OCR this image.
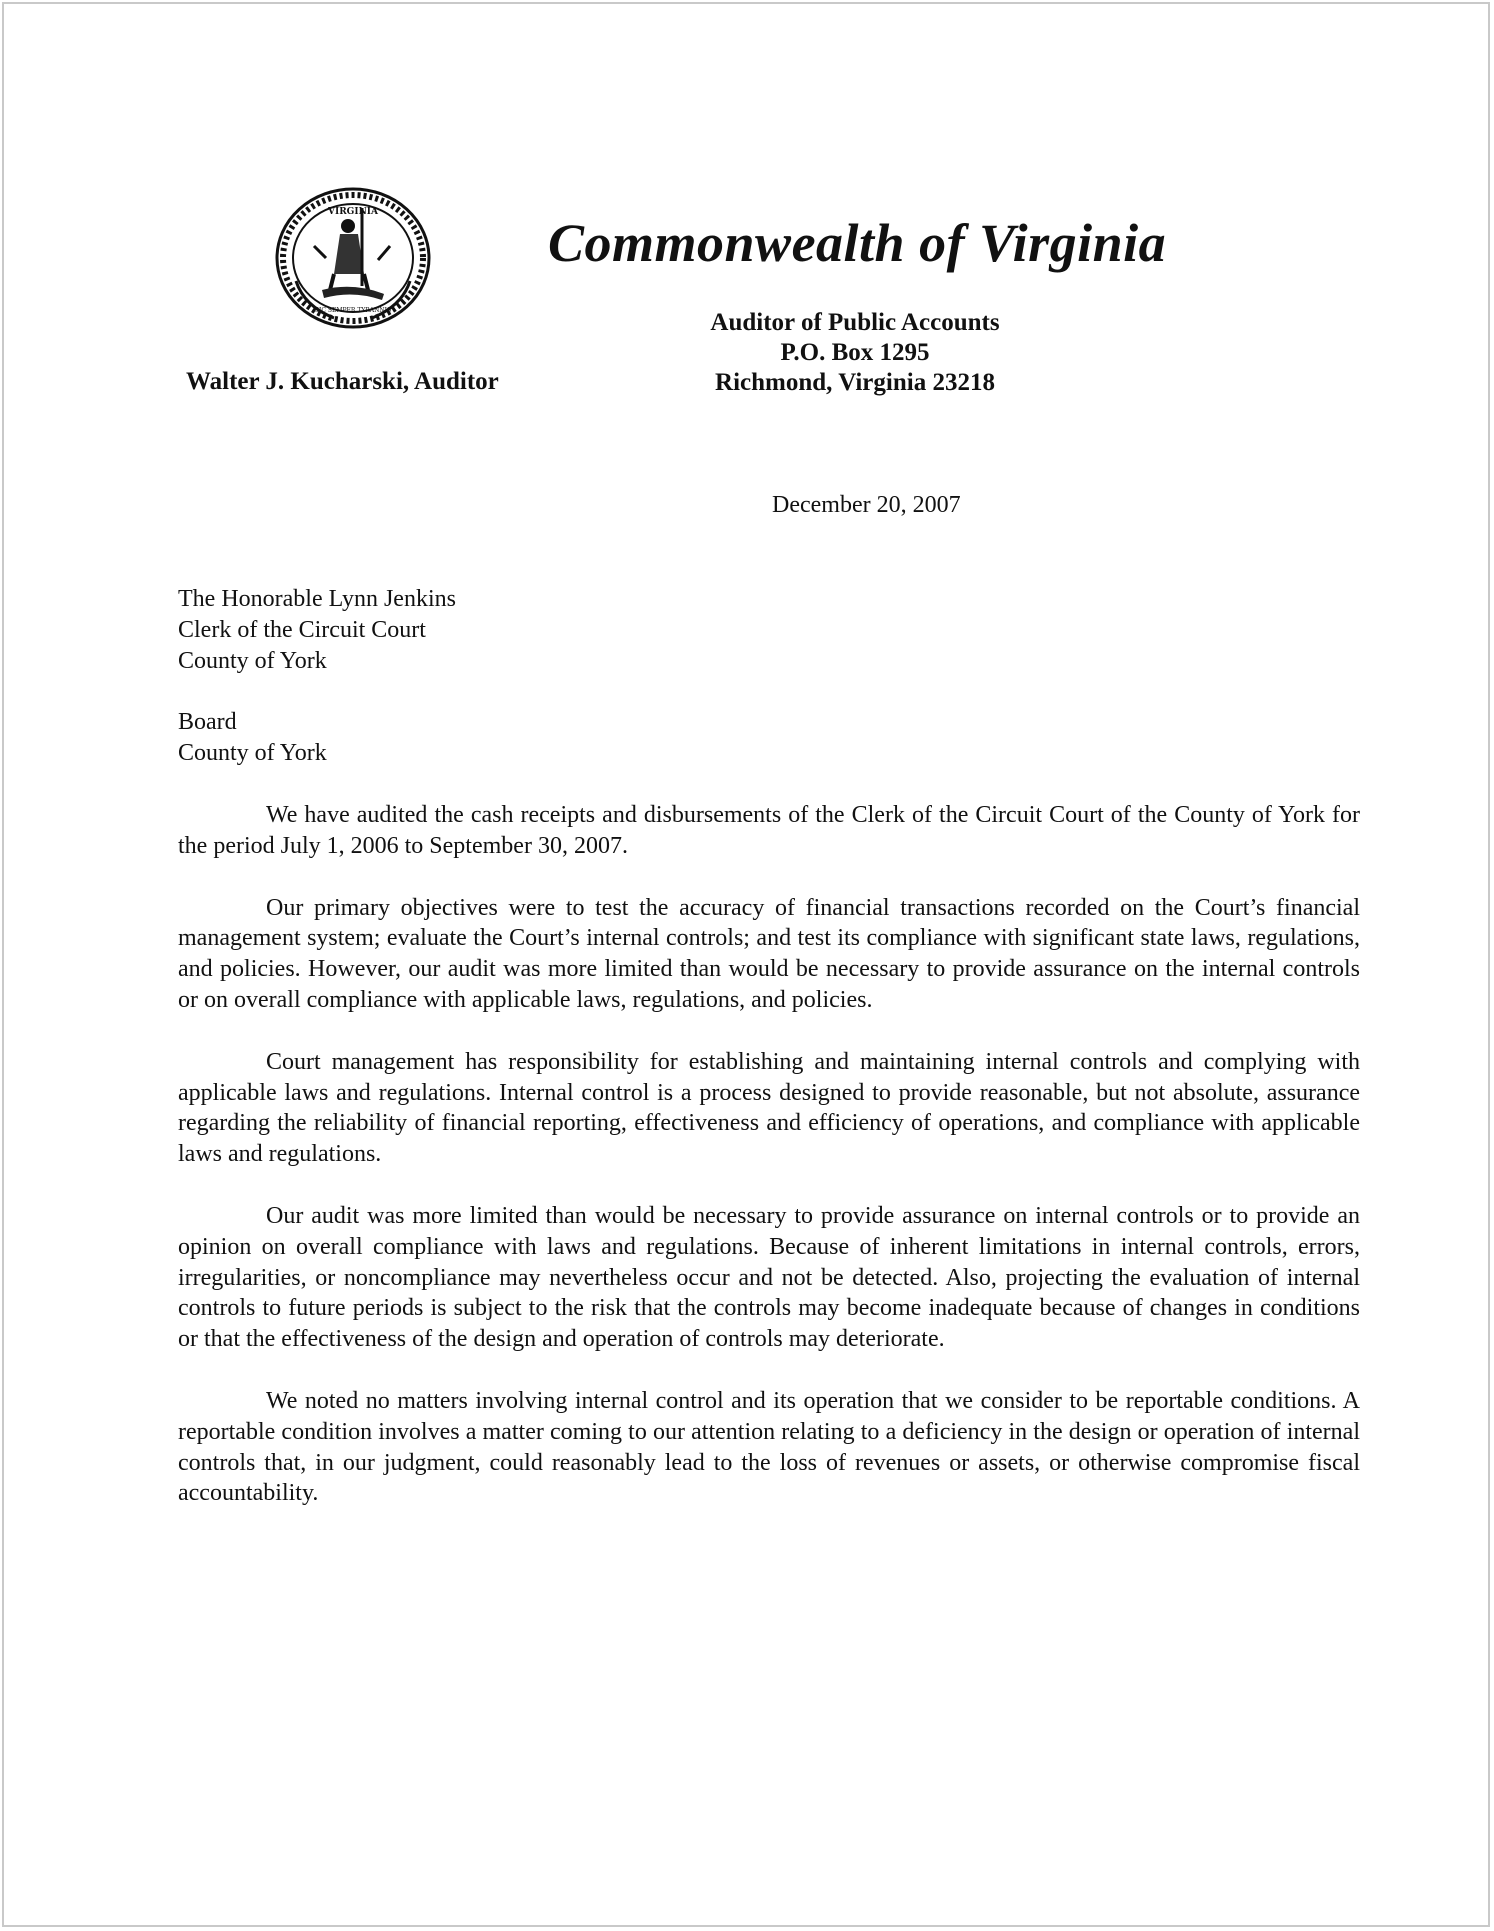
VIRGINIA
SIC SEMPER TYRANNIS
Commonwealth of Virginia
Auditor of Public Accounts
P.O. Box 1295
Richmond, Virginia 23218
Walter J. Kucharski, Auditor
December 20, 2007
The Honorable Lynn Jenkins
Clerk of the Circuit Court
County of York
Board
County of York

We have audited the cash receipts and disbursements of the Clerk of the Circuit Court of the County of York for the period July 1, 2006 to September 30, 2007.

Our primary objectives were to test the accuracy of financial transactions recorded on the Court’s financial management system; evaluate the Court’s internal controls; and test its compliance with significant state laws, regulations, and policies. However, our audit was more limited than would be necessary to provide assurance on the internal controls or on overall compliance with applicable laws, regulations, and policies.

Court management has responsibility for establishing and maintaining internal controls and complying with applicable laws and regulations. Internal control is a process designed to provide reasonable, but not absolute, assurance regarding the reliability of financial reporting, effectiveness and efficiency of operations, and compliance with applicable laws and regulations.

Our audit was more limited than would be necessary to provide assurance on internal controls or to provide an opinion on overall compliance with laws and regulations. Because of inherent limitations in internal controls, errors, irregularities, or noncompliance may nevertheless occur and not be detected. Also, projecting the evaluation of internal controls to future periods is subject to the risk that the controls may become inadequate because of changes in conditions or that the effectiveness of the design and operation of controls may deteriorate.

We noted no matters involving internal control and its operation that we consider to be reportable conditions. A reportable condition involves a matter coming to our attention relating to a deficiency in the design or operation of internal controls that, in our judgment, could reasonably lead to the loss of revenues or assets, or otherwise compromise fiscal accountability.
